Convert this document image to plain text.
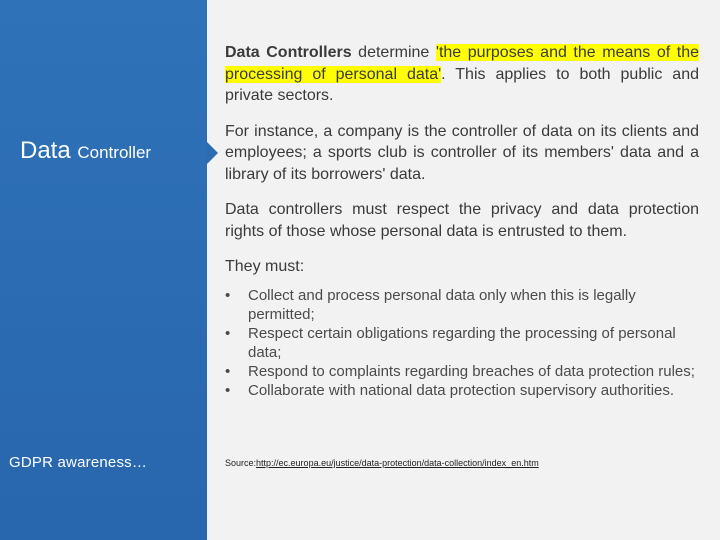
Data Controller
GDPR awareness…

Data Controllers determine 'the purposes and the means of the processing of personal data'. This applies to both public and private sectors.

For instance, a company is the controller of data on its clients and employees; a sports club is controller of its members' data and a library of its borrowers' data.

Data controllers must respect the privacy and data protection rights of those whose personal data is entrusted to them.

They must:

• Collect and process personal data only when this is legally permitted;
• Respect certain obligations regarding the processing of personal data;
• Respond to complaints regarding breaches of data protection rules;
• Collaborate with national data protection supervisory authorities.
Source:http://ec.europa.eu/justice/data-protection/data-collection/index_en.htm
